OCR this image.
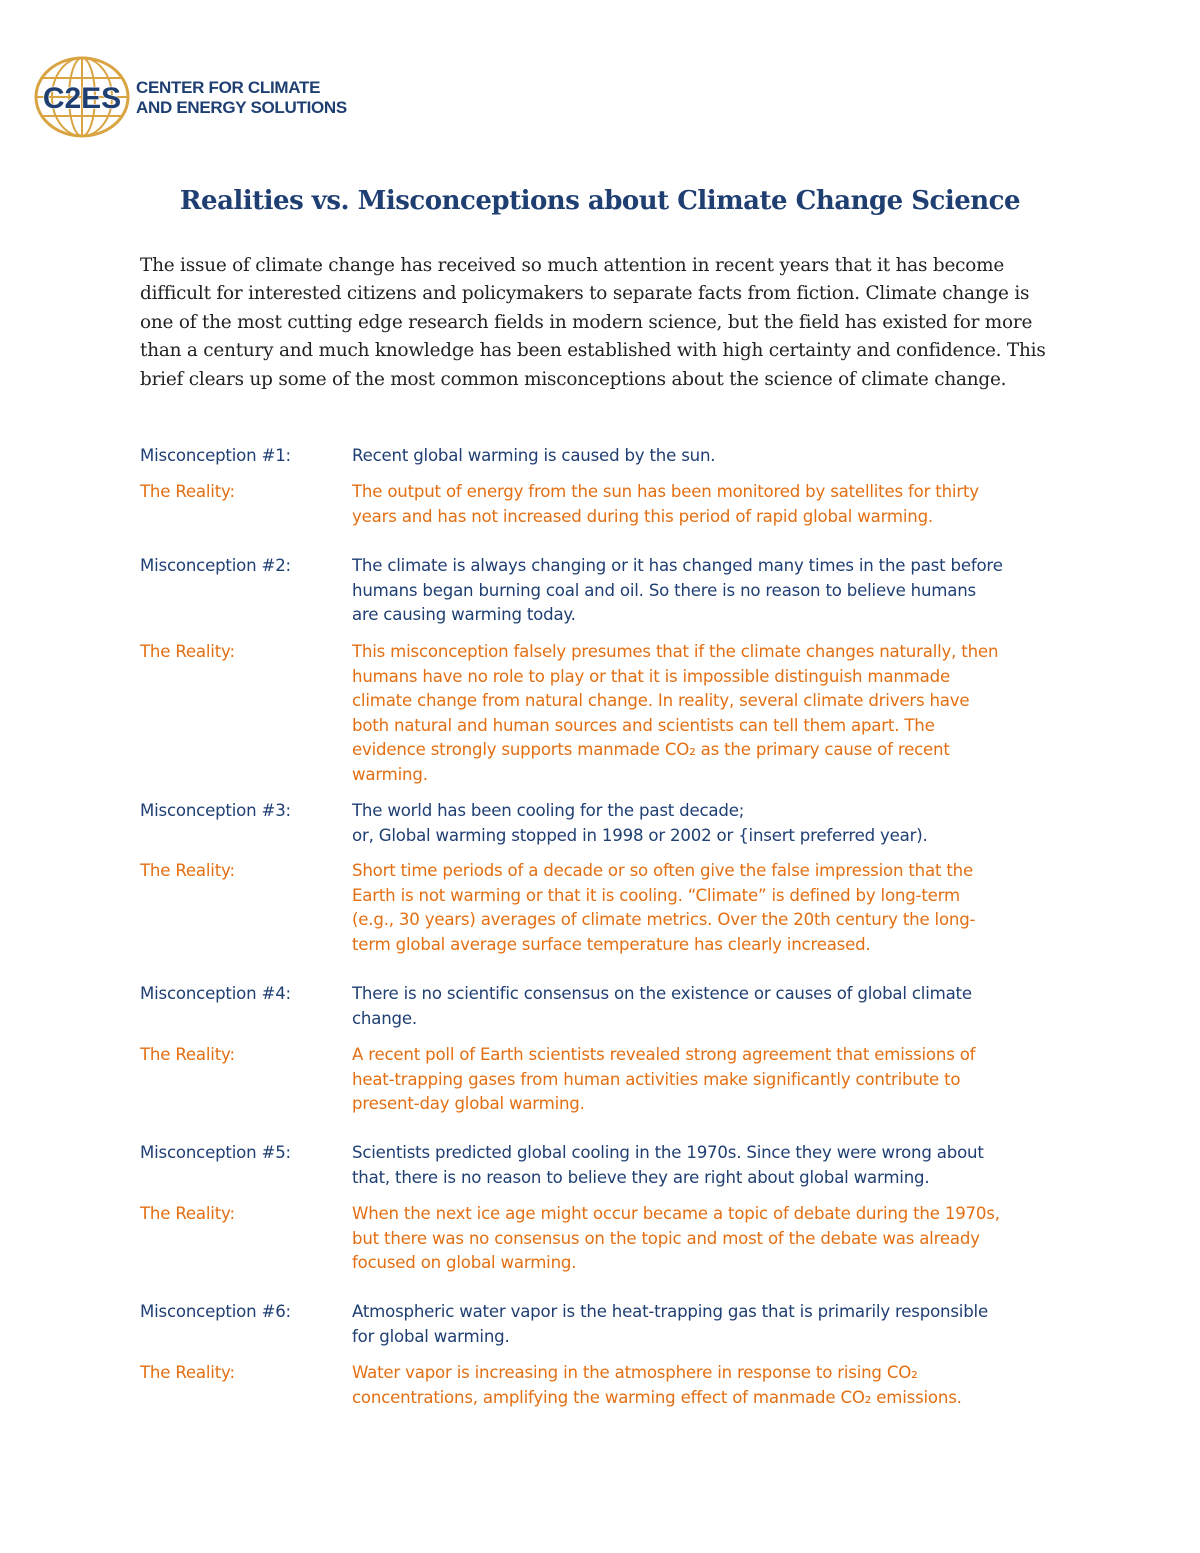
C2ES CENTER FOR CLIMATE
AND ENERGY SOLUTIONS
Realities vs. Misconceptions about Climate Change Science

The issue of climate change has received so much attention in recent years that it has become difficult for interested citizens and policymakers to separate facts from fiction. Climate change is one of the most cutting edge research fields in modern science, but the field has existed for more than a century and much knowledge has been established with high certainty and confidence. This brief clears up some of the most common misconceptions about the science of climate change.

Misconception #1:	Recent global warming is caused by the sun.
The Reality:	The output of energy from the sun has been monitored by satellites for thirty
years and has not increased during this period of rapid global warming.
Misconception #2:	The climate is always changing or it has changed many times in the past before
humans began burning coal and oil. So there is no reason to believe humans
are causing warming today.
The Reality:	This misconception falsely presumes that if the climate changes naturally, then
humans have no role to play or that it is impossible distinguish manmade
climate change from natural change. In reality, several climate drivers have
both natural and human sources and scientists can tell them apart. The
evidence strongly supports manmade CO₂ as the primary cause of recent
warming.
Misconception #3:	The world has been cooling for the past decade;
or, Global warming stopped in 1998 or 2002 or {insert preferred year).
The Reality:	Short time periods of a decade or so often give the false impression that the
Earth is not warming or that it is cooling. “Climate” is defined by long-term
(e.g., 30 years) averages of climate metrics. Over the 20th century the long-
term global average surface temperature has clearly increased.
Misconception #4:	There is no scientific consensus on the existence or causes of global climate
change.
The Reality:	A recent poll of Earth scientists revealed strong agreement that emissions of
heat-trapping gases from human activities make significantly contribute to
present-day global warming.
Misconception #5:	Scientists predicted global cooling in the 1970s. Since they were wrong about
that, there is no reason to believe they are right about global warming.
The Reality:	When the next ice age might occur became a topic of debate during the 1970s,
but there was no consensus on the topic and most of the debate was already
focused on global warming.
Misconception #6:	Atmospheric water vapor is the heat-trapping gas that is primarily responsible
for global warming.
The Reality:	Water vapor is increasing in the atmosphere in response to rising CO₂
concentrations, amplifying the warming effect of manmade CO₂ emissions.
